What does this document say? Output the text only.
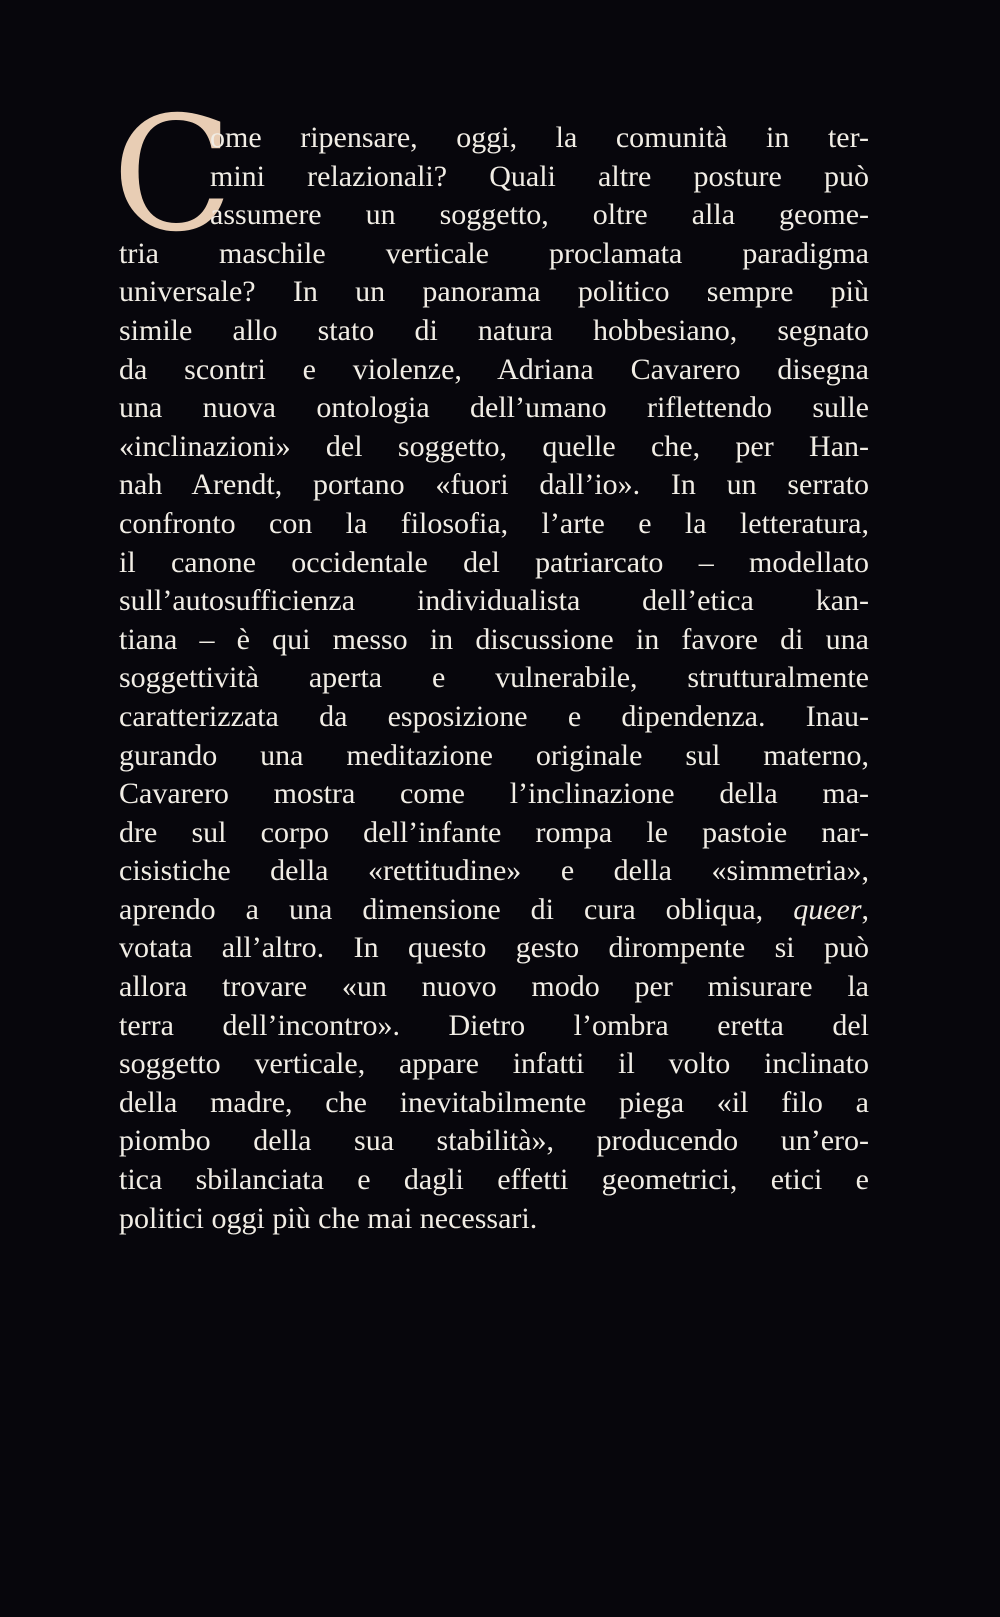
C
ome ripensare, oggi, la comunità in ter-
mini relazionali? Quali altre posture può
assumere un soggetto, oltre alla geome-
tria maschile verticale proclamata paradigma
universale? In un panorama politico sempre più
simile allo stato di natura hobbesiano, segnato
da scontri e violenze, Adriana Cavarero disegna
una nuova ontologia dell’umano riflettendo sulle
«inclinazioni» del soggetto, quelle che, per Han-
nah Arendt, portano «fuori dall’io». In un serrato
confronto con la filosofia, l’arte e la letteratura,
il canone occidentale del patriarcato – modellato
sull’autosufficienza individualista dell’etica kan-
tiana – è qui messo in discussione in favore di una
soggettività aperta e vulnerabile, strutturalmente
caratterizzata da esposizione e dipendenza. Inau-
gurando una meditazione originale sul materno,
Cavarero mostra come l’inclinazione della ma-
dre sul corpo dell’infante rompa le pastoie nar-
cisistiche della «rettitudine» e della «simmetria»,
aprendo a una dimensione di cura obliqua, queer,
votata all’altro. In questo gesto dirompente si può
allora trovare «un nuovo modo per misurare la
terra dell’incontro». Dietro l’ombra eretta del
soggetto verticale, appare infatti il volto inclinato
della madre, che inevitabilmente piega «il filo a
piombo della sua stabilità», producendo un’ero-
tica sbilanciata e dagli effetti geometrici, etici e
politici oggi più che mai necessari.
